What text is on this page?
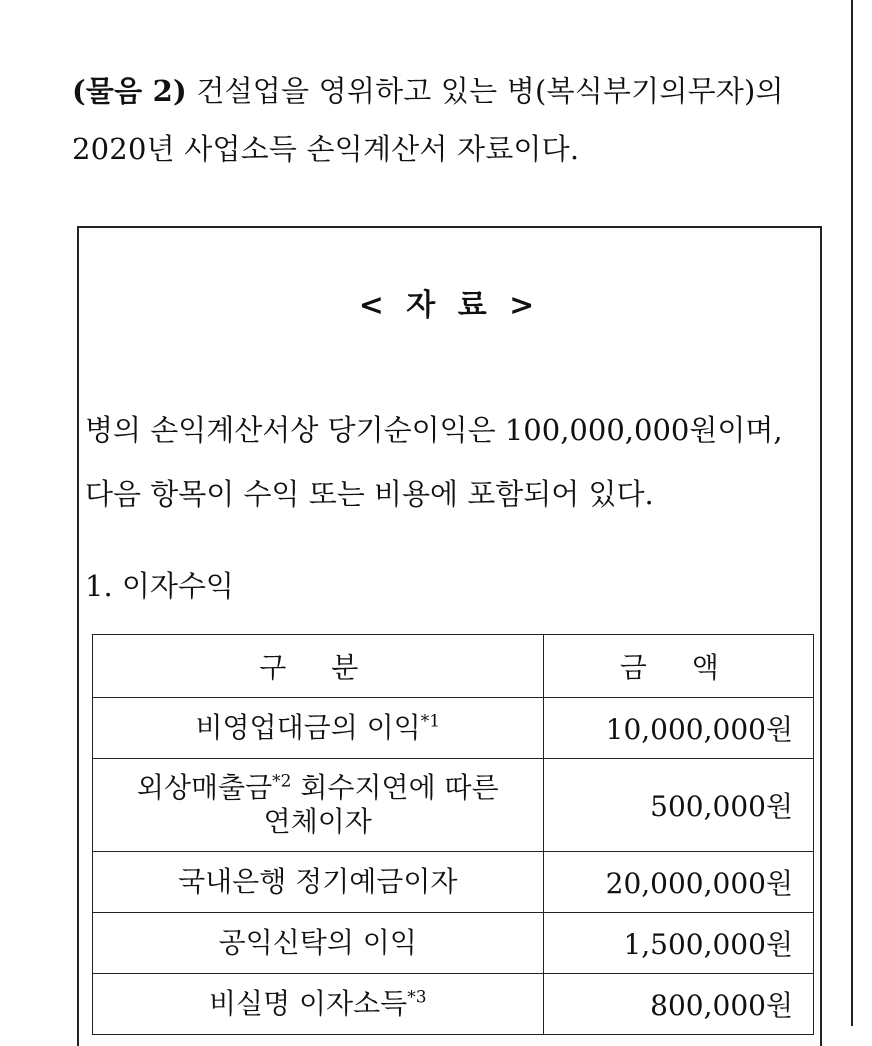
(물음 2) 건설업을 영위하고 있는 병(복식부기의무자)의
2020년 사업소득 손익계산서 자료이다.
< 자 료 >
병의 손익계산서상 당기순이익은 100,000,000원이며,
다음 항목이 수익 또는 비용에 포함되어 있다.
1. 이자수익
구 분	금 액
비영업대금의 이익$^{*1}$	10,000,000원
외상매출금$^{*2}$ 회수지연에 따른
연체이자	500,000원
국내은행 정기예금이자	20,000,000원
공익신탁의 이익	1,500,000원
비실명 이자소득$^{*3}$	800,000원
